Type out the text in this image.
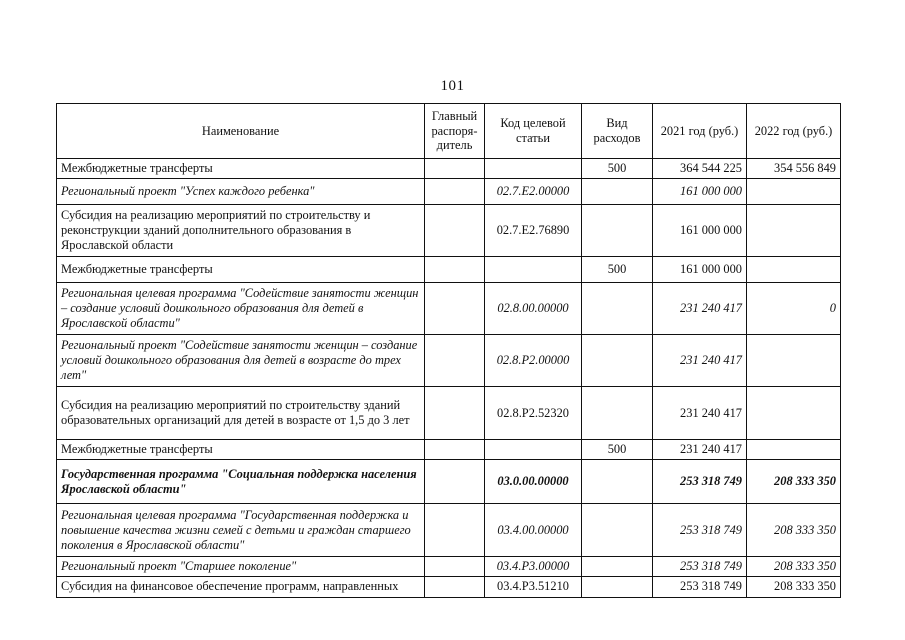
101
Наименование	Главный распоря-дитель	Код целевой статьи	Вид расходов	2021 год (руб.)	2022 год (руб.)
Межбюджетные трансферты			500	364 544 225	354 556 849
Региональный проект "Успех каждого ребенка"		02.7.E2.00000		161 000 000	
Субсидия на реализацию мероприятий по строительству и реконструкции зданий дополнительного образования в Ярославской области		02.7.E2.76890		161 000 000	
Межбюджетные трансферты			500	161 000 000	
Региональная целевая программа "Содействие занятости женщин – создание условий дошкольного образования для детей в Ярославской области"		02.8.00.00000		231 240 417	0
Региональный проект "Содействие занятости женщин – создание условий дошкольного образования для детей в возрасте до трех лет"		02.8.P2.00000		231 240 417	
Субсидия на реализацию мероприятий по строительству зданий образовательных организаций для детей в возрасте от 1,5 до 3 лет		02.8.P2.52320		231 240 417	
Межбюджетные трансферты			500	231 240 417	
Государственная программа "Социальная поддержка населения Ярославской области"		03.0.00.00000		253 318 749	208 333 350
Региональная целевая программа "Государственная поддержка и повышение качества жизни семей с детьми и граждан старшего поколения в Ярославской области"		03.4.00.00000		253 318 749	208 333 350
Региональный проект "Старшее поколение"		03.4.P3.00000		253 318 749	208 333 350
Субсидия на финансовое обеспечение программ, направленных		03.4.P3.51210		253 318 749	208 333 350
